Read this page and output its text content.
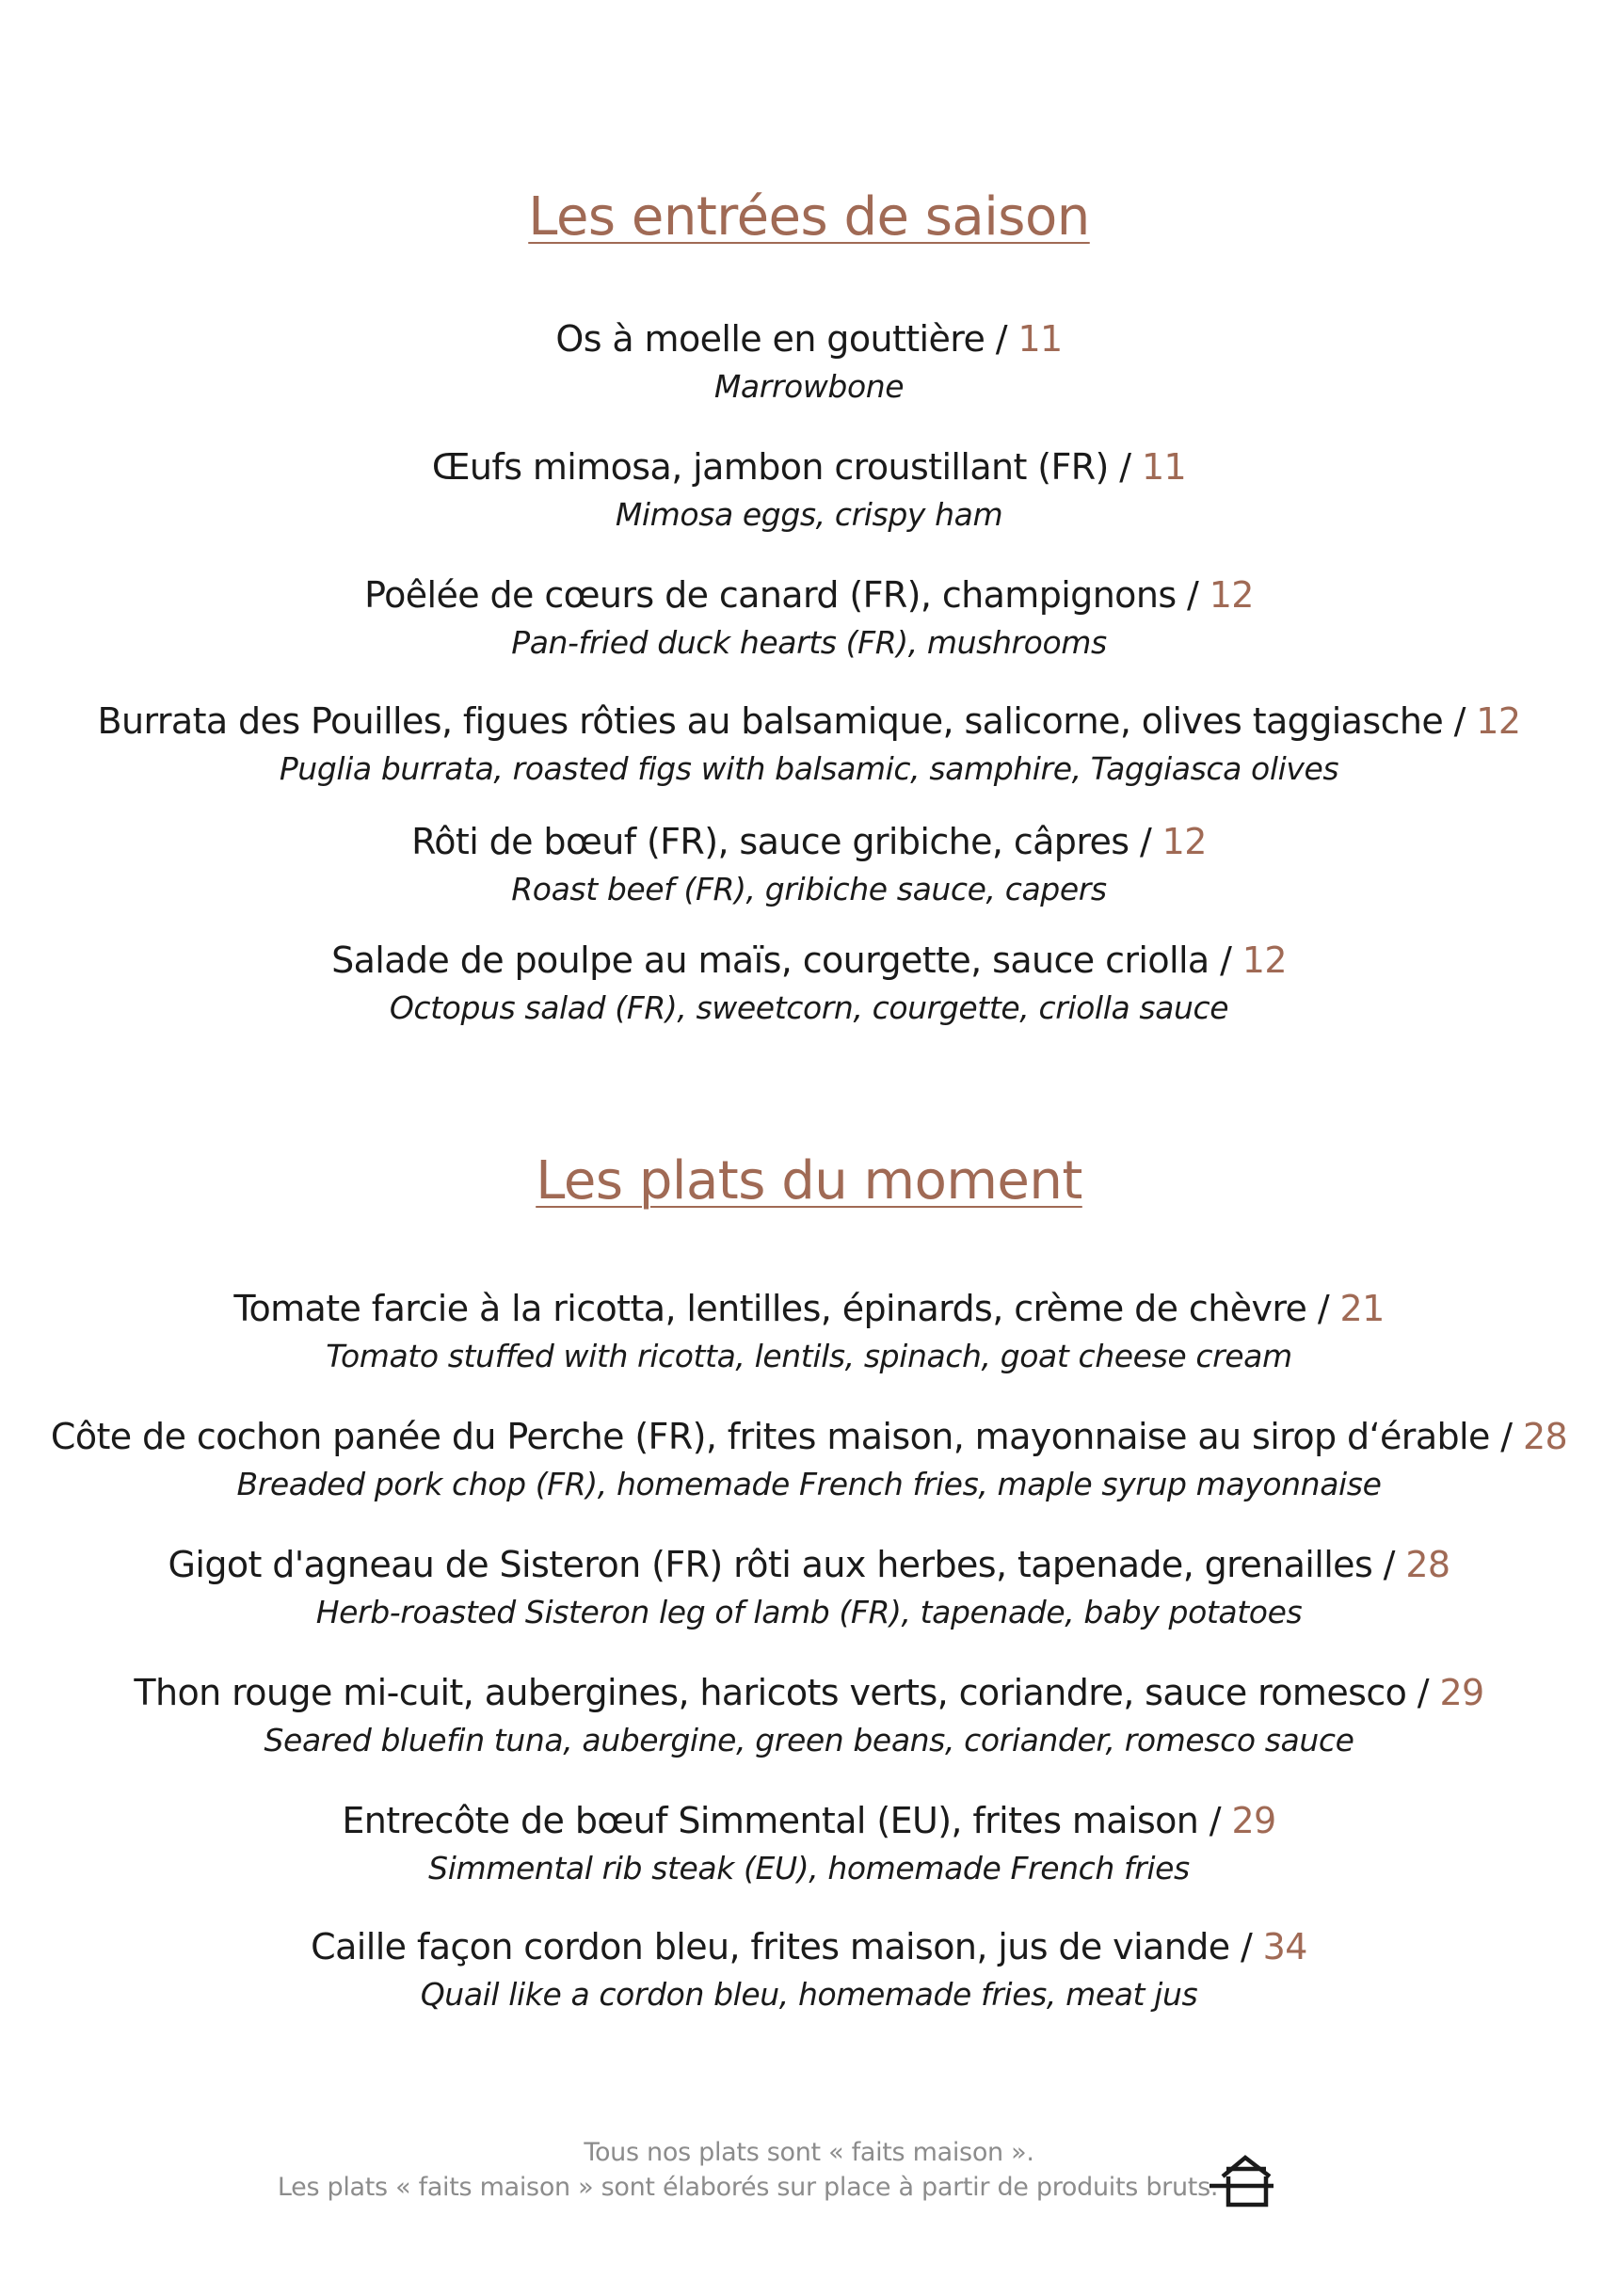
Les entrées de saison
Os à moelle en gouttière / 11
Marrowbone
Œufs mimosa, jambon croustillant (FR) / 11
Mimosa eggs, crispy ham
Poêlée de cœurs de canard (FR), champignons / 12
Pan-fried duck hearts (FR), mushrooms
Burrata des Pouilles, figues rôties au balsamique, salicorne, olives taggiasche / 12
Puglia burrata, roasted figs with balsamic, samphire, Taggiasca olives
Rôti de bœuf (FR), sauce gribiche, câpres / 12
Roast beef (FR), gribiche sauce, capers
Salade de poulpe au maïs, courgette, sauce criolla / 12
Octopus salad (FR), sweetcorn, courgette, criolla sauce
Les plats du moment
Tomate farcie à la ricotta, lentilles, épinards, crème de chèvre / 21
Tomato stuffed with ricotta, lentils, spinach, goat cheese cream
Côte de cochon panée du Perche (FR), frites maison, mayonnaise au sirop d‘érable / 28
Breaded pork chop (FR), homemade French fries, maple syrup mayonnaise
Gigot d'agneau de Sisteron (FR) rôti aux herbes, tapenade, grenailles / 28
Herb-roasted Sisteron leg of lamb (FR), tapenade, baby potatoes
Thon rouge mi-cuit, aubergines, haricots verts, coriandre, sauce romesco / 29
Seared bluefin tuna, aubergine, green beans, coriander, romesco sauce
Entrecôte de bœuf Simmental (EU), frites maison / 29
Simmental rib steak (EU), homemade French fries
Caille façon cordon bleu, frites maison, jus de viande / 34
Quail like a cordon bleu, homemade fries, meat jus
Tous nos plats sont « faits maison ».
Les plats « faits maison » sont élaborés sur place à partir de produits bruts.
